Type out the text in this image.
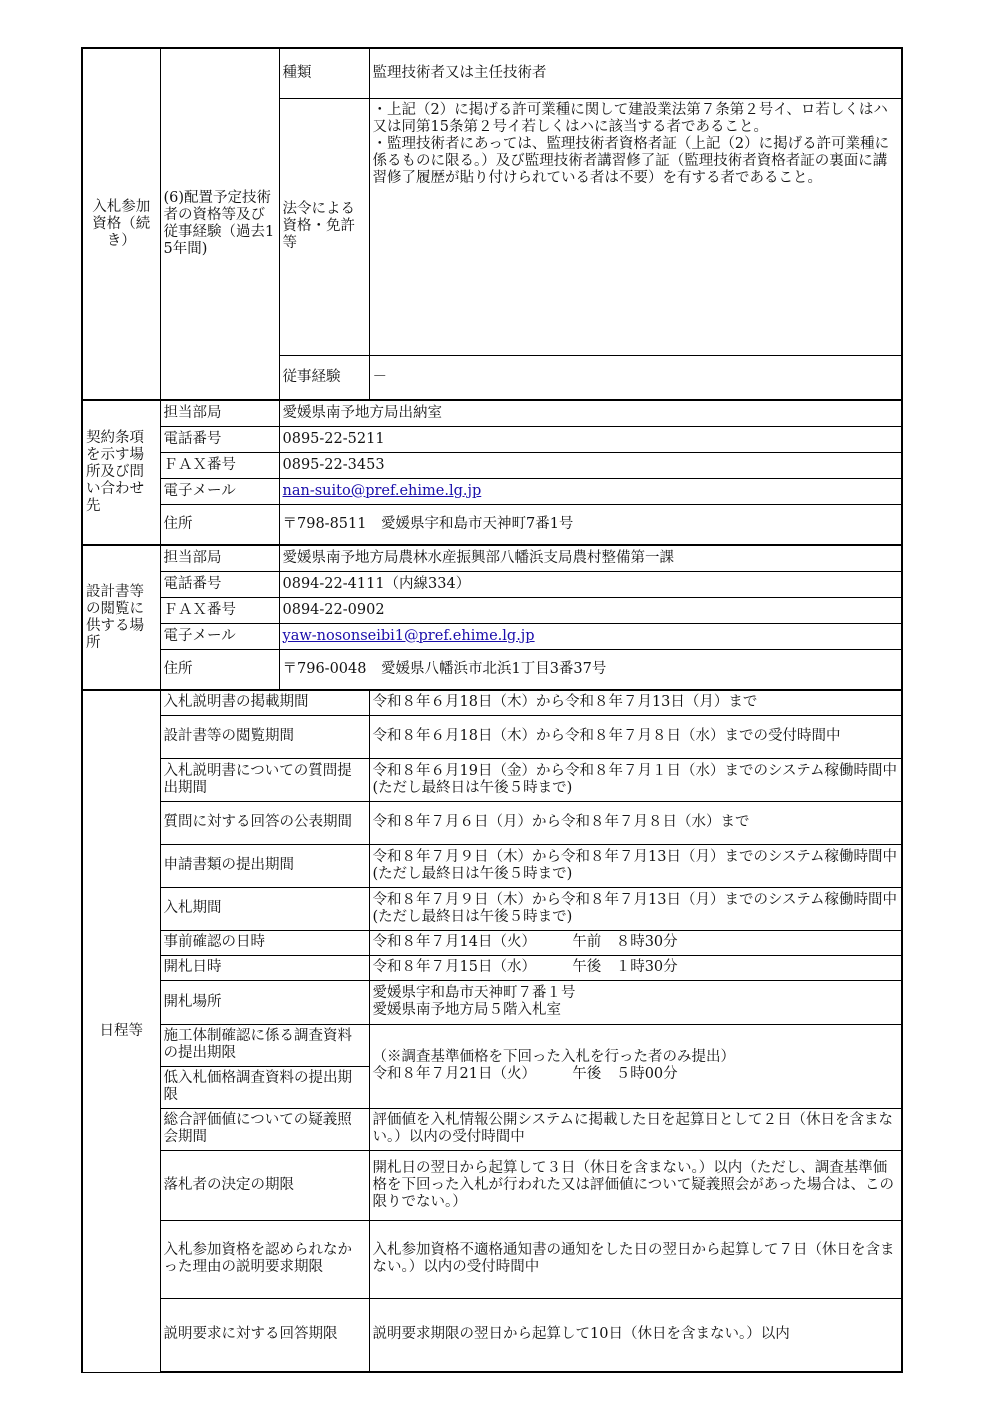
入札参加資格（続き）	(6)配置予定技術者の資格等及び従事経験（過去15年間)	種類	監理技術者又は主任技術者
		法令による資格・免許等	・上記（2）に掲げる許可業種に関して建設業法第７条第２号イ、ロ若しくはハ又は同第15条第２号イ若しくはハに該当する者であること。
・監理技術者にあっては、監理技術者資格者証（上記（2）に掲げる許可業種に係るものに限る。）及び監理技術者講習修了証（監理技術者資格者証の裏面に講習修了履歴が貼り付けられている者は不要）を有する者であること。
		従事経験	－
契約条項を示す場所及び問い合わせ先	担当部局	愛媛県南予地方局出納室	
	電話番号	0895-22-5211	
	ＦＡＸ番号	0895-22-3453	
	電子メール	nan-suito@pref.ehime.lg.jp	
	住所	〒798-8511　愛媛県宇和島市天神町7番1号	
設計書等の閲覧に供する場所	担当部局	愛媛県南予地方局農林水産振興部八幡浜支局農村整備第一課	
	電話番号	0894-22-4111（内線334）	
	ＦＡＸ番号	0894-22-0902	
	電子メール	yaw-nosonseibi1@pref.ehime.lg.jp	
	住所	〒796-0048　愛媛県八幡浜市北浜1丁目3番37号	
日程等	入札説明書の掲載期間		令和８年６月18日（木）から令和８年７月13日（月）まで
	設計書等の閲覧期間		令和８年６月18日（木）から令和８年７月８日（水）までの受付時間中
	入札説明書についての質問提出期間		令和８年６月19日（金）から令和８年７月１日（水）までのシステム稼働時間中(ただし最終日は午後５時まで)
	質問に対する回答の公表期間		令和８年７月６日（月）から令和８年７月８日（水）まで
	申請書類の提出期間		令和８年７月９日（木）から令和８年７月13日（月）までのシステム稼働時間中(ただし最終日は午後５時まで)
	入札期間		令和８年７月９日（木）から令和８年７月13日（月）までのシステム稼働時間中(ただし最終日は午後５時まで)
	事前確認の日時		令和８年７月14日（火）　　　午前　８時30分
	開札日時		令和８年７月15日（水）　　　午後　１時30分
	開札場所		愛媛県宇和島市天神町７番１号
愛媛県南予地方局５階入札室
	施工体制確認に係る調査資料の提出期限		（※調査基準価格を下回った入札を行った者のみ提出）
令和８年７月21日（火）　　　午後　５時00分
	低入札価格調査資料の提出期限		
	総合評価値についての疑義照会期間		評価値を入札情報公開システムに掲載した日を起算日として２日（休日を含まない。）以内の受付時間中
	落札者の決定の期限		開札日の翌日から起算して３日（休日を含まない。）以内（ただし、調査基準価格を下回った入札が行われた又は評価値について疑義照会があった場合は、この限りでない。）
	入札参加資格を認められなかった理由の説明要求期限		入札参加資格不適格通知書の通知をした日の翌日から起算して７日（休日を含まない。）以内の受付時間中
	説明要求に対する回答期限		説明要求期限の翌日から起算して10日（休日を含まない。）以内
